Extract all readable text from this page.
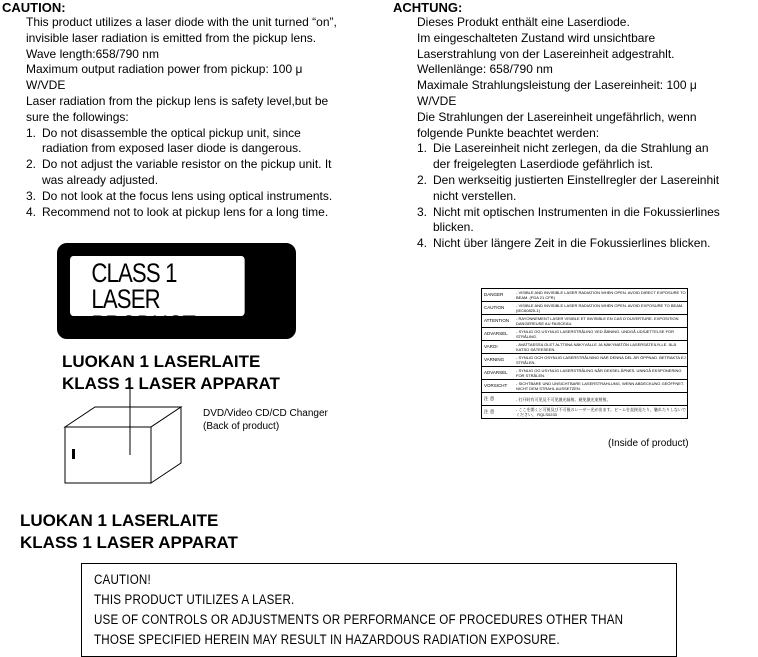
CAUTION:
This product utilizes a laser diode with the unit turned “on”,
invisible laser radiation is emitted from the pickup lens.
Wave length:658/790 nm
Maximum output radiation power from pickup: 100 μ
W/VDE
Laser radiation from the pickup lens is safety level,but be
sure the followings:
1. Do not disassemble the optical pickup unit, since
radiation from exposed laser diode is dangerous.
2. Do not adjust the variable resistor on the pickup unit. It
was already adjusted.
3. Do not look at the focus lens using optical instruments.
4. Recommend not to look at pickup lens for a long time.
ACHTUNG:
Dieses Produkt enthält eine Laserdiode.
Im eingeschalteten Zustand wird unsichtbare
Laserstrahlung von der Lasereinheit adgestrahlt.
Wellenlänge: 658/790 nm
Maximale Strahlungsleistung der Lasereinheit: 100 μ
W/VDE
Die Strahlungen der Lasereinheit ungefährlich, wenn
folgende Punkte beachtet werden:
1. Die Lasereinheit nicht zerlegen, da die Strahlung an
der freigelegten Laserdiode gefährlich ist.
2. Den werkseitig justierten Einstellregler der Lasereinhit
nicht verstellen.
3. Nicht mit optischen Instrumenten in die Fokussierlines
blicken.
4. Nicht über längere Zeit in die Fokussierlines blicken.
CLASS 1
LASER PRODUCT
LUOKAN 1 LASERLAITE
KLASS 1 LASER APPARAT
DVD/Video CD/CD Changer
(Back of product)
DANGER	- VISIBLE AND INVISIBLE LASER RADIATION WHEN OPEN. AVOID DIRECT EXPOSURE TO BEAM. (FDA 21 CFR)
CAUTION	- VISIBLE AND INVISIBLE LASER RADIATION WHEN OPEN. AVOID EXPOSURE TO BEAM. (IEC60825-1)
ATTENTION	- RAYONNEMENT LASER VISIBLE ET INVISIBLE EN CAS D'OUVERTURE. EXPOSITION DANGEREUSE AU FAISCEAU.
ADVARSEL	- SYNLIG OG USYNLIG LASERSTRÅLING VED ÅBNING. UNDGÅ UDSÆTTELSE FOR STRÅLING.
VARO!	- AVATTAESSA OLET ALTTIINA NÄKYVÄLLE JA NÄKYMÄTÖN LASERSÄTEILYLLE. ÄLÄ KATSO SÄTEESEEN.
VARNING	- SYNLIG OCH OSYNLIG LASERSTRÅLNING NÄR DENNA DEL ÄR ÖPPNAD. BETRAKTA EJ STRÅLEN.
ADVARSEL	- SYNLIG OG USYNLIG LASERSTRÅLING NÅR DEKSEL ÅPNES. UNNGÅ EKSPONERING FOR STRÅLEN.
VORSICHT	- SICHTBARE UND UNSICHTBARE LASERSTRAHLUNG, WENN ABDECKUNG GEÖFFNET. NICHT DEM STRAHL AUSSETZEN.
注 意	- 打开时有可见及不可见激光辐射。避免激光束照射。
注 意	- ここを開くと可視及び不可視のレーザー光が出ます。ビームを直接見たり、触れたりしないでください。 RQLS0233
(Inside of product)
LUOKAN 1 LASERLAITE
KLASS 1 LASER APPARAT
CAUTION!
THIS PRODUCT UTILIZES A LASER.
USE OF CONTROLS OR ADJUSTMENTS OR PERFORMANCE OF PROCEDURES OTHER THAN
THOSE SPECIFIED HEREIN MAY RESULT IN HAZARDOUS RADIATION EXPOSURE.
